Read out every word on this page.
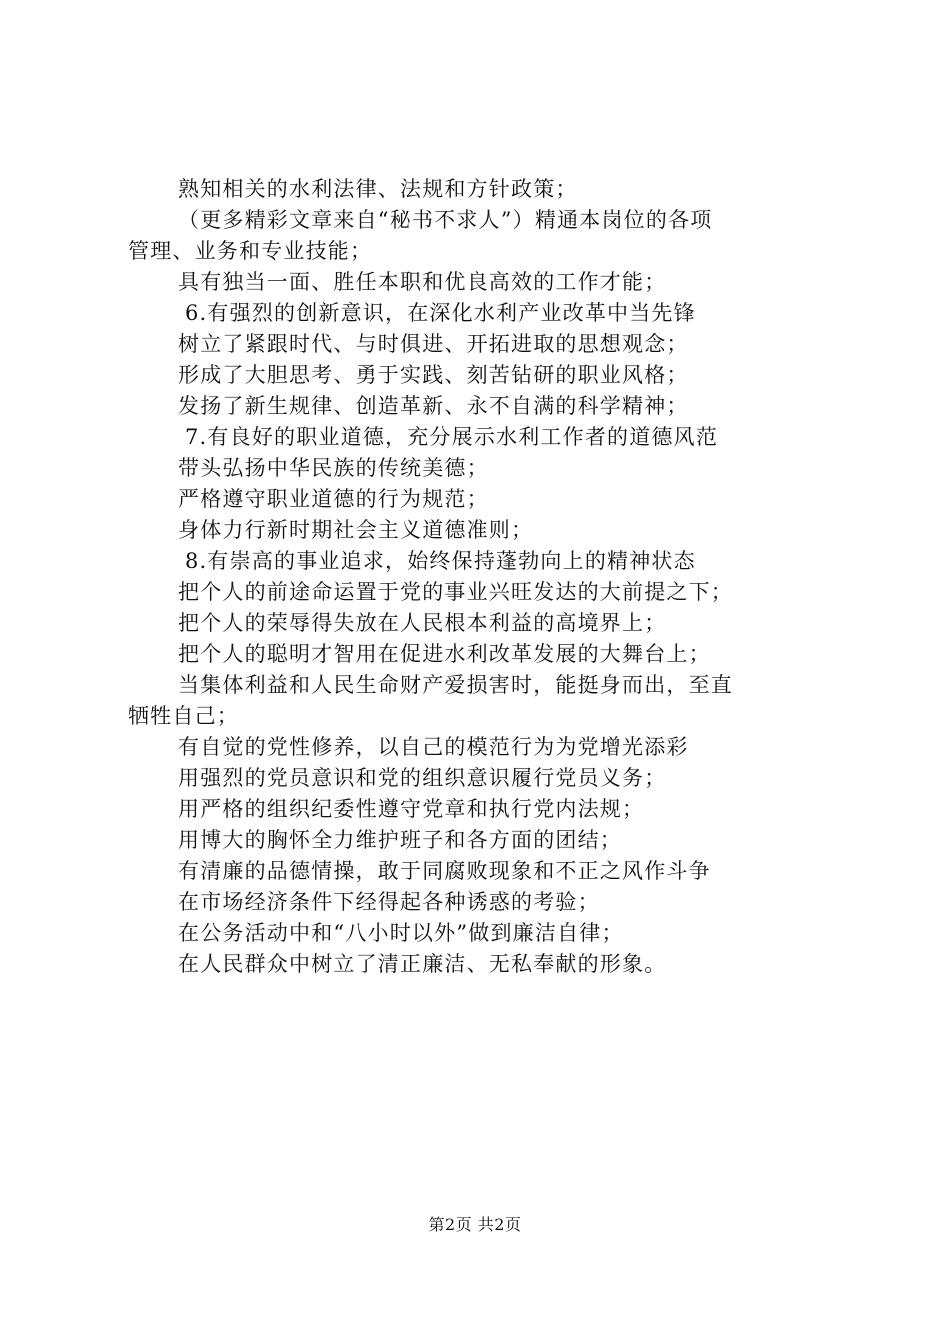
熟知相关的水利法律、法规和方针政策；
（更多精彩文章来自“秘书不求人”）精通本岗位的各项
管理、业务和专业技能；
具有独当一面、胜任本职和优良高效的工作才能；
6.有强烈的创新意识，在深化水利产业改革中当先锋
树立了紧跟时代、与时俱进、开拓进取的思想观念；
形成了大胆思考、勇于实践、刻苦钻研的职业风格；
发扬了新生规律、创造革新、永不自满的科学精神；
7.有良好的职业道德，充分展示水利工作者的道德风范
带头弘扬中华民族的传统美德；
严格遵守职业道德的行为规范；
身体力行新时期社会主义道德准则；
8.有崇高的事业追求，始终保持蓬勃向上的精神状态
把个人的前途命运置于党的事业兴旺发达的大前提之下；
把个人的荣辱得失放在人民根本利益的高境界上；
把个人的聪明才智用在促进水利改革发展的大舞台上；
当集体利益和人民生命财产爱损害时，能挺身而出，至直
牺牲自己；
有自觉的党性修养，以自己的模范行为为党增光添彩
用强烈的党员意识和党的组织意识履行党员义务；
用严格的组织纪委性遵守党章和执行党内法规；
用博大的胸怀全力维护班子和各方面的团结；
有清廉的品德情操，敢于同腐败现象和不正之风作斗争
在市场经济条件下经得起各种诱惑的考验；
在公务活动中和“八小时以外”做到廉洁自律；
在人民群众中树立了清正廉洁、无私奉献的形象。
第2页 共2页
